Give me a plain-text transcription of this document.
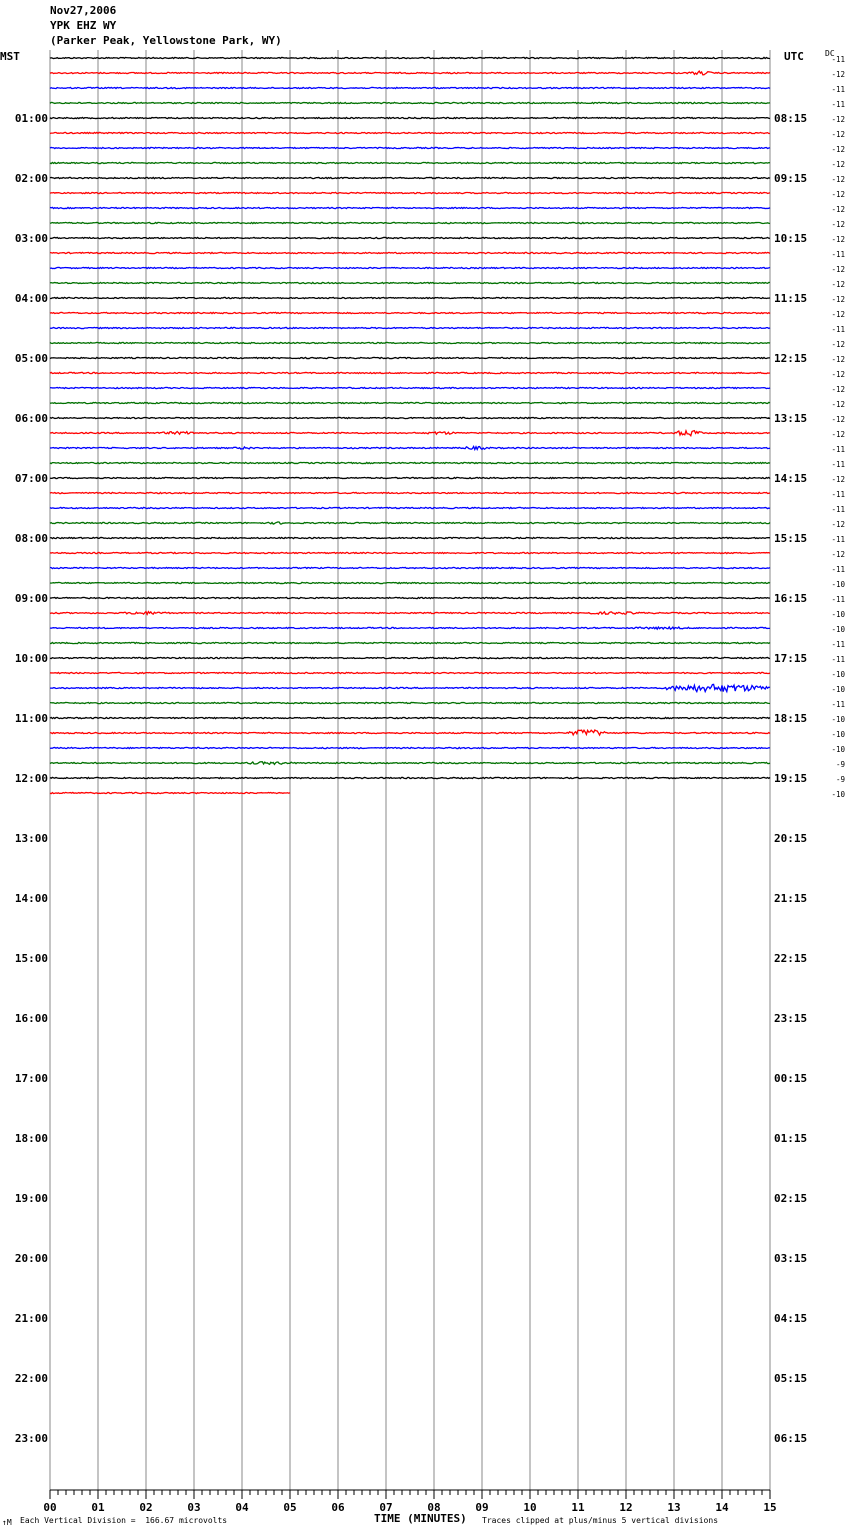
Nov27,2006
YPK EHZ WY
(Parker Peak, Yellowstone Park, WY)
MST	UTC	DC
-11
-12
-11
-11
-12
-12
-12
-12
-12
-12
-12
-12
-12
-11
-12
-12
-12
-12
-11
-12
-12
-12
-12
-12
-12
-12
-11
-11
-12
-11
-11
-12
-11
-12
-11
-10
-11
-10
-10
-11
-11
-10
-10
-11
-10
-10
-10
-9
-9
-10
01:00	08:15
02:00	09:15
03:00	10:15
04:00	11:15
05:00	12:15
06:00	13:15
07:00	14:15
08:00	15:15
09:00	16:15
10:00	17:15
11:00	18:15
12:00	19:15
13:00	20:15
14:00	21:15
15:00	22:15
16:00	23:15
17:00	00:15
18:00	01:15
19:00	02:15
20:00	03:15
21:00	04:15
22:00	05:15
23:00	06:15
00	01	02	03	04	05	06	07	08	09	10	11	12	13	14	15
↑M Each Vertical Division =  166.67 microvolts	TIME (MINUTES) Traces clipped at plus/minus 5 vertical divisions
